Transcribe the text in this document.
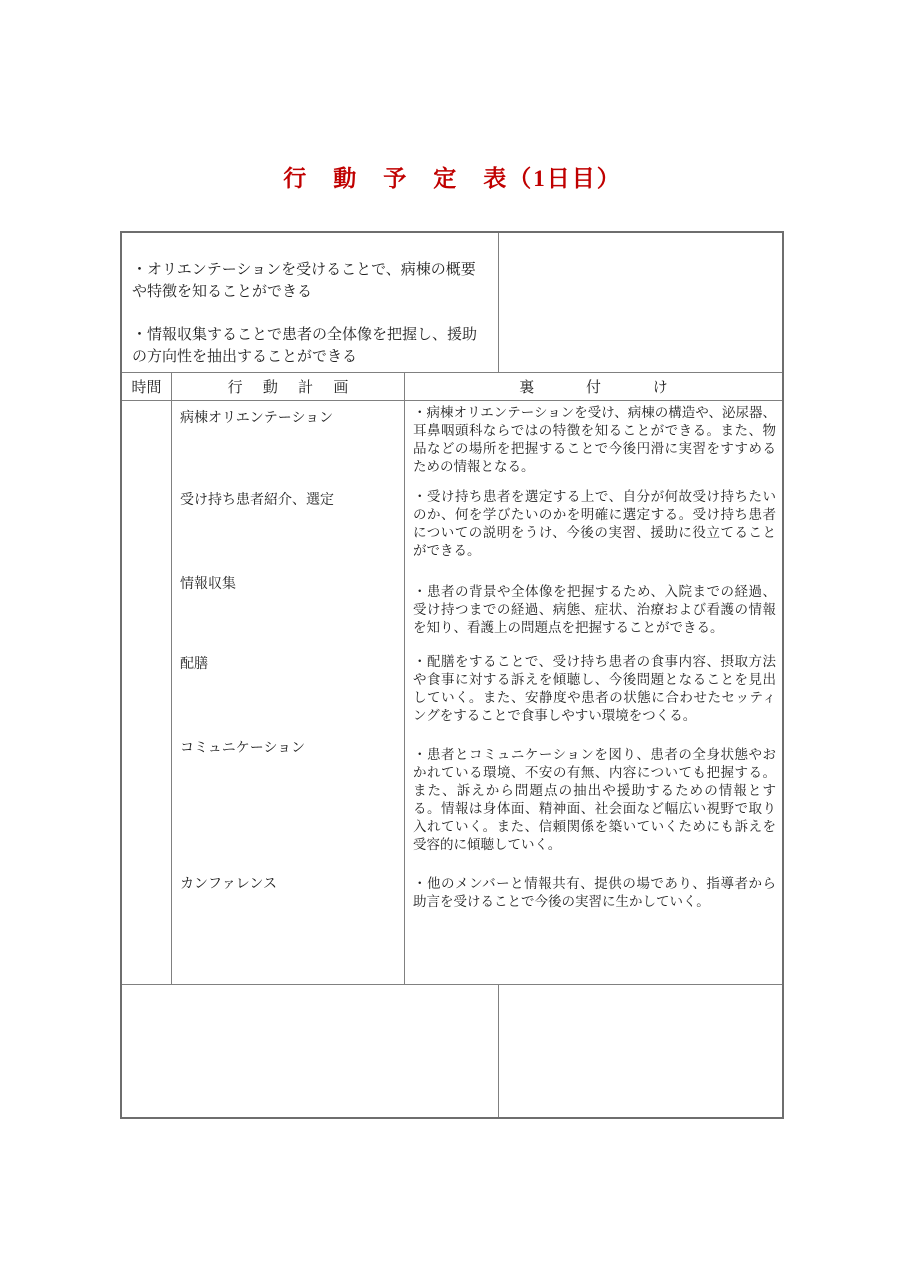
行　動　予　定　表（1日目）

・オリエンテーションを受けることで、病棟の概要や特徴を知ることができる

・情報収集することで患者の全体像を把握し、援助の方向性を抽出することができる

時間	行 動 計 画	裏 付 け
病棟オリエンテーション
受け持ち患者紹介、選定
情報収集
配膳
コミュニケーション
カンファレンス

・病棟オリエンテーションを受け、病棟の構造や、泌尿器、耳鼻咽頭科ならではの特徴を知ることができる。また、物品などの場所を把握することで今後円滑に実習をすすめるための情報となる。

・受け持ち患者を選定する上で、自分が何故受け持ちたいのか、何を学びたいのかを明確に選定する。受け持ち患者についての説明をうけ、今後の実習、援助に役立てることができる。

・患者の背景や全体像を把握するため、入院までの経過、受け持つまでの経過、病態、症状、治療および看護の情報を知り、看護上の問題点を把握することができる。

・配膳をすることで、受け持ち患者の食事内容、摂取方法や食事に対する訴えを傾聴し、今後問題となることを見出していく。また、安静度や患者の状態に合わせたセッティングをすることで食事しやすい環境をつくる。

・患者とコミュニケーションを図り、患者の全身状態やおかれている環境、不安の有無、内容についても把握する。また、訴えから問題点の抽出や援助するための情報とする。情報は身体面、精神面、社会面など幅広い視野で取り入れていく。また、信頼関係を築いていくためにも訴えを受容的に傾聴していく。

・他のメンバーと情報共有、提供の場であり、指導者から助言を受けることで今後の実習に生かしていく。
